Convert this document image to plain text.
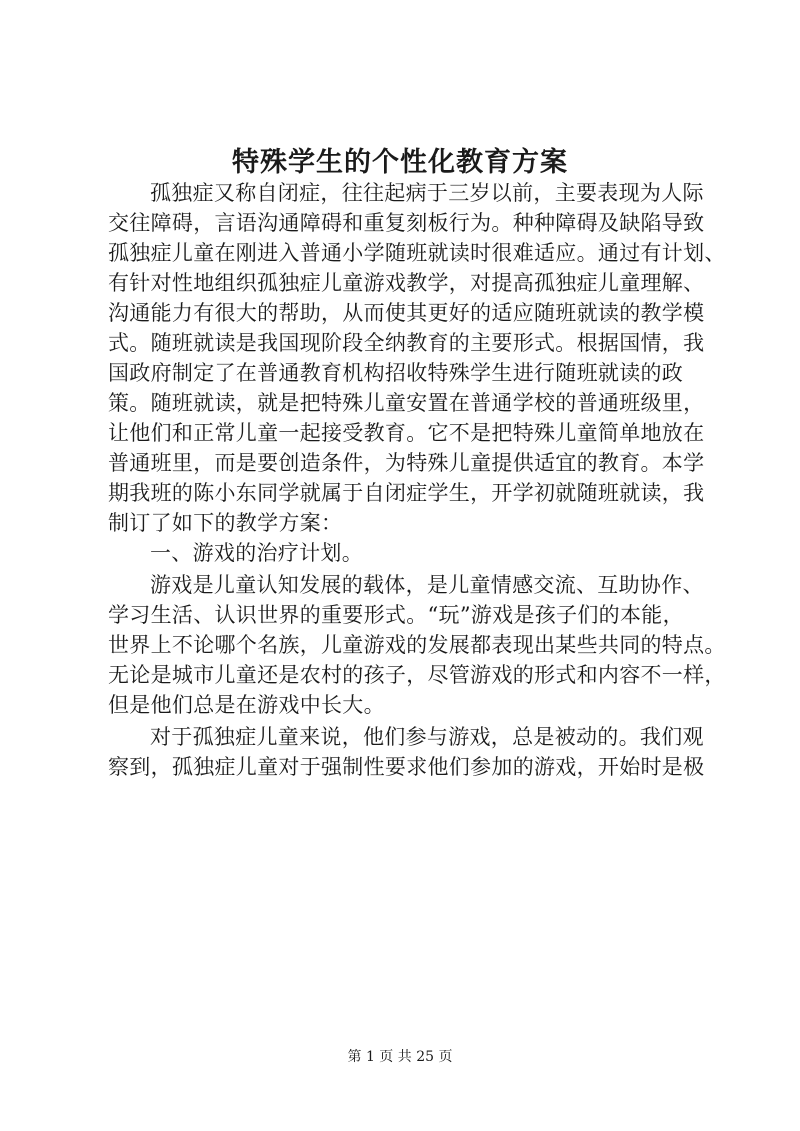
特殊学生的个性化教育方案
孤独症又称自闭症，往往起病于三岁以前，主要表现为人际
交往障碍，言语沟通障碍和重复刻板行为。种种障碍及缺陷导致
孤独症儿童在刚进入普通小学随班就读时很难适应。通过有计划、
有针对性地组织孤独症儿童游戏教学，对提高孤独症儿童理解、
沟通能力有很大的帮助，从而使其更好的适应随班就读的教学模
式。随班就读是我国现阶段全纳教育的主要形式。根据国情，我
国政府制定了在普通教育机构招收特殊学生进行随班就读的政
策。随班就读，就是把特殊儿童安置在普通学校的普通班级里，
让他们和正常儿童一起接受教育。它不是把特殊儿童简单地放在
普通班里，而是要创造条件，为特殊儿童提供适宜的教育。本学
期我班的陈小东同学就属于自闭症学生，开学初就随班就读，我
制订了如下的教学方案：
一、游戏的治疗计划。
游戏是儿童认知发展的载体，是儿童情感交流、互助协作、
学习生活、认识世界的重要形式。“玩”游戏是孩子们的本能，
世界上不论哪个名族，儿童游戏的发展都表现出某些共同的特点。
无论是城市儿童还是农村的孩子，尽管游戏的形式和内容不一样，
但是他们总是在游戏中长大。
对于孤独症儿童来说，他们参与游戏，总是被动的。我们观
察到，孤独症儿童对于强制性要求他们参加的游戏，开始时是极
第 1 页 共 25 页
